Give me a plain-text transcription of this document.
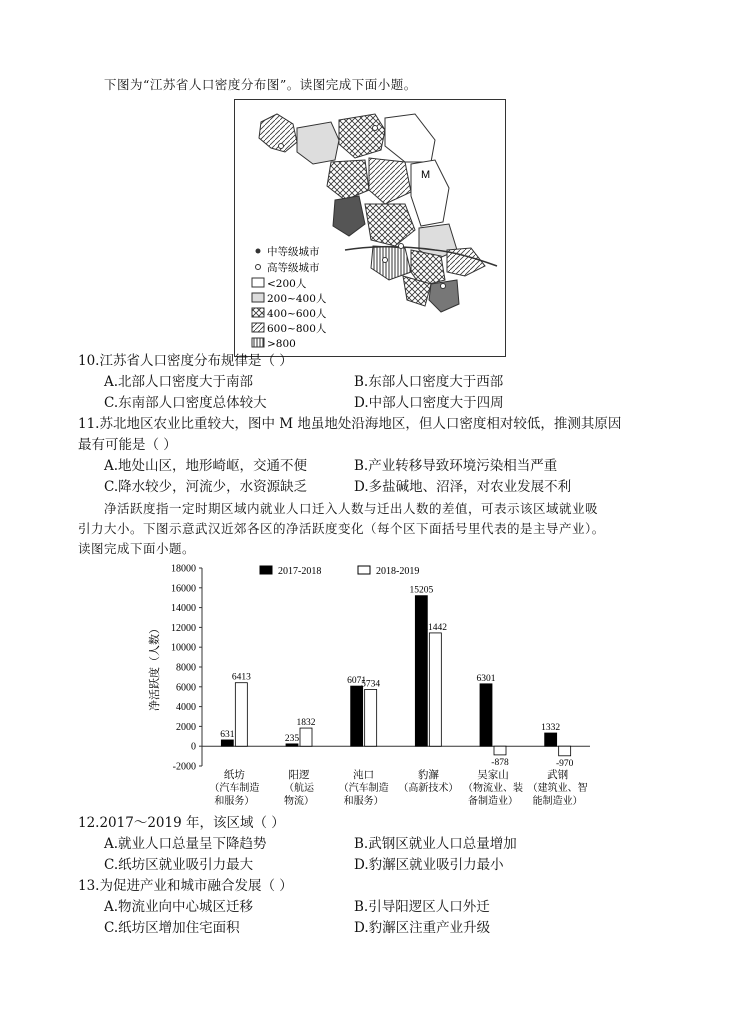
下图为“江苏省人口密度分布图”。读图完成下面小题。
M
中等级城市
高等级城市
<200人
200~400人
400~600人
600~800人
>800
10.江苏省人口密度分布规律是（ ）
A.北部人口密度大于南部	B.东部人口密度大于西部
C.东南部人口密度总体较大	D.中部人口密度大于四周
11.苏北地区农业比重较大，图中 M 地虽地处沿海地区，但人口密度相对较低，推测其原因
最有可能是（ ）
A.地处山区，地形崎岖，交通不便	B.产业转移导致环境污染相当严重
C.降水较少，河流少，水资源缺乏	D.多盐碱地、沼泽，对农业发展不利
净活跃度指一定时期区域内就业人口迁入人数与迁出人数的差值，可表示该区域就业吸
引力大小。下图示意武汉近郊各区的净活跃度变化（每个区下面括号里代表的是主导产业）。
读图完成下面小题。
18000
16000
14000
12000
10000
8000
6000
4000
2000
0
-2000
净活跃度（人数）
2017-2018	2018-2019
631
6413
纸坊
（汽车制造
和服务）
235
1832
阳逻
（航运
物流）
6071
5734
沌口
（汽车制造
和服务）
15205
11442
豹澥
（高新技术）
6301
-878
吴家山
（物流业、装
备制造业）
1332
-970
武钢
（建筑业、智
能制造业）
12.2017～2019 年，该区域（ ）
A.就业人口总量呈下降趋势	B.武钢区就业人口总量增加
C.纸坊区就业吸引力最大	D.豹澥区就业吸引力最小
13.为促进产业和城市融合发展（ ）
A.物流业向中心城区迁移	B.引导阳逻区人口外迁
C.纸坊区增加住宅面积	D.豹澥区注重产业升级
